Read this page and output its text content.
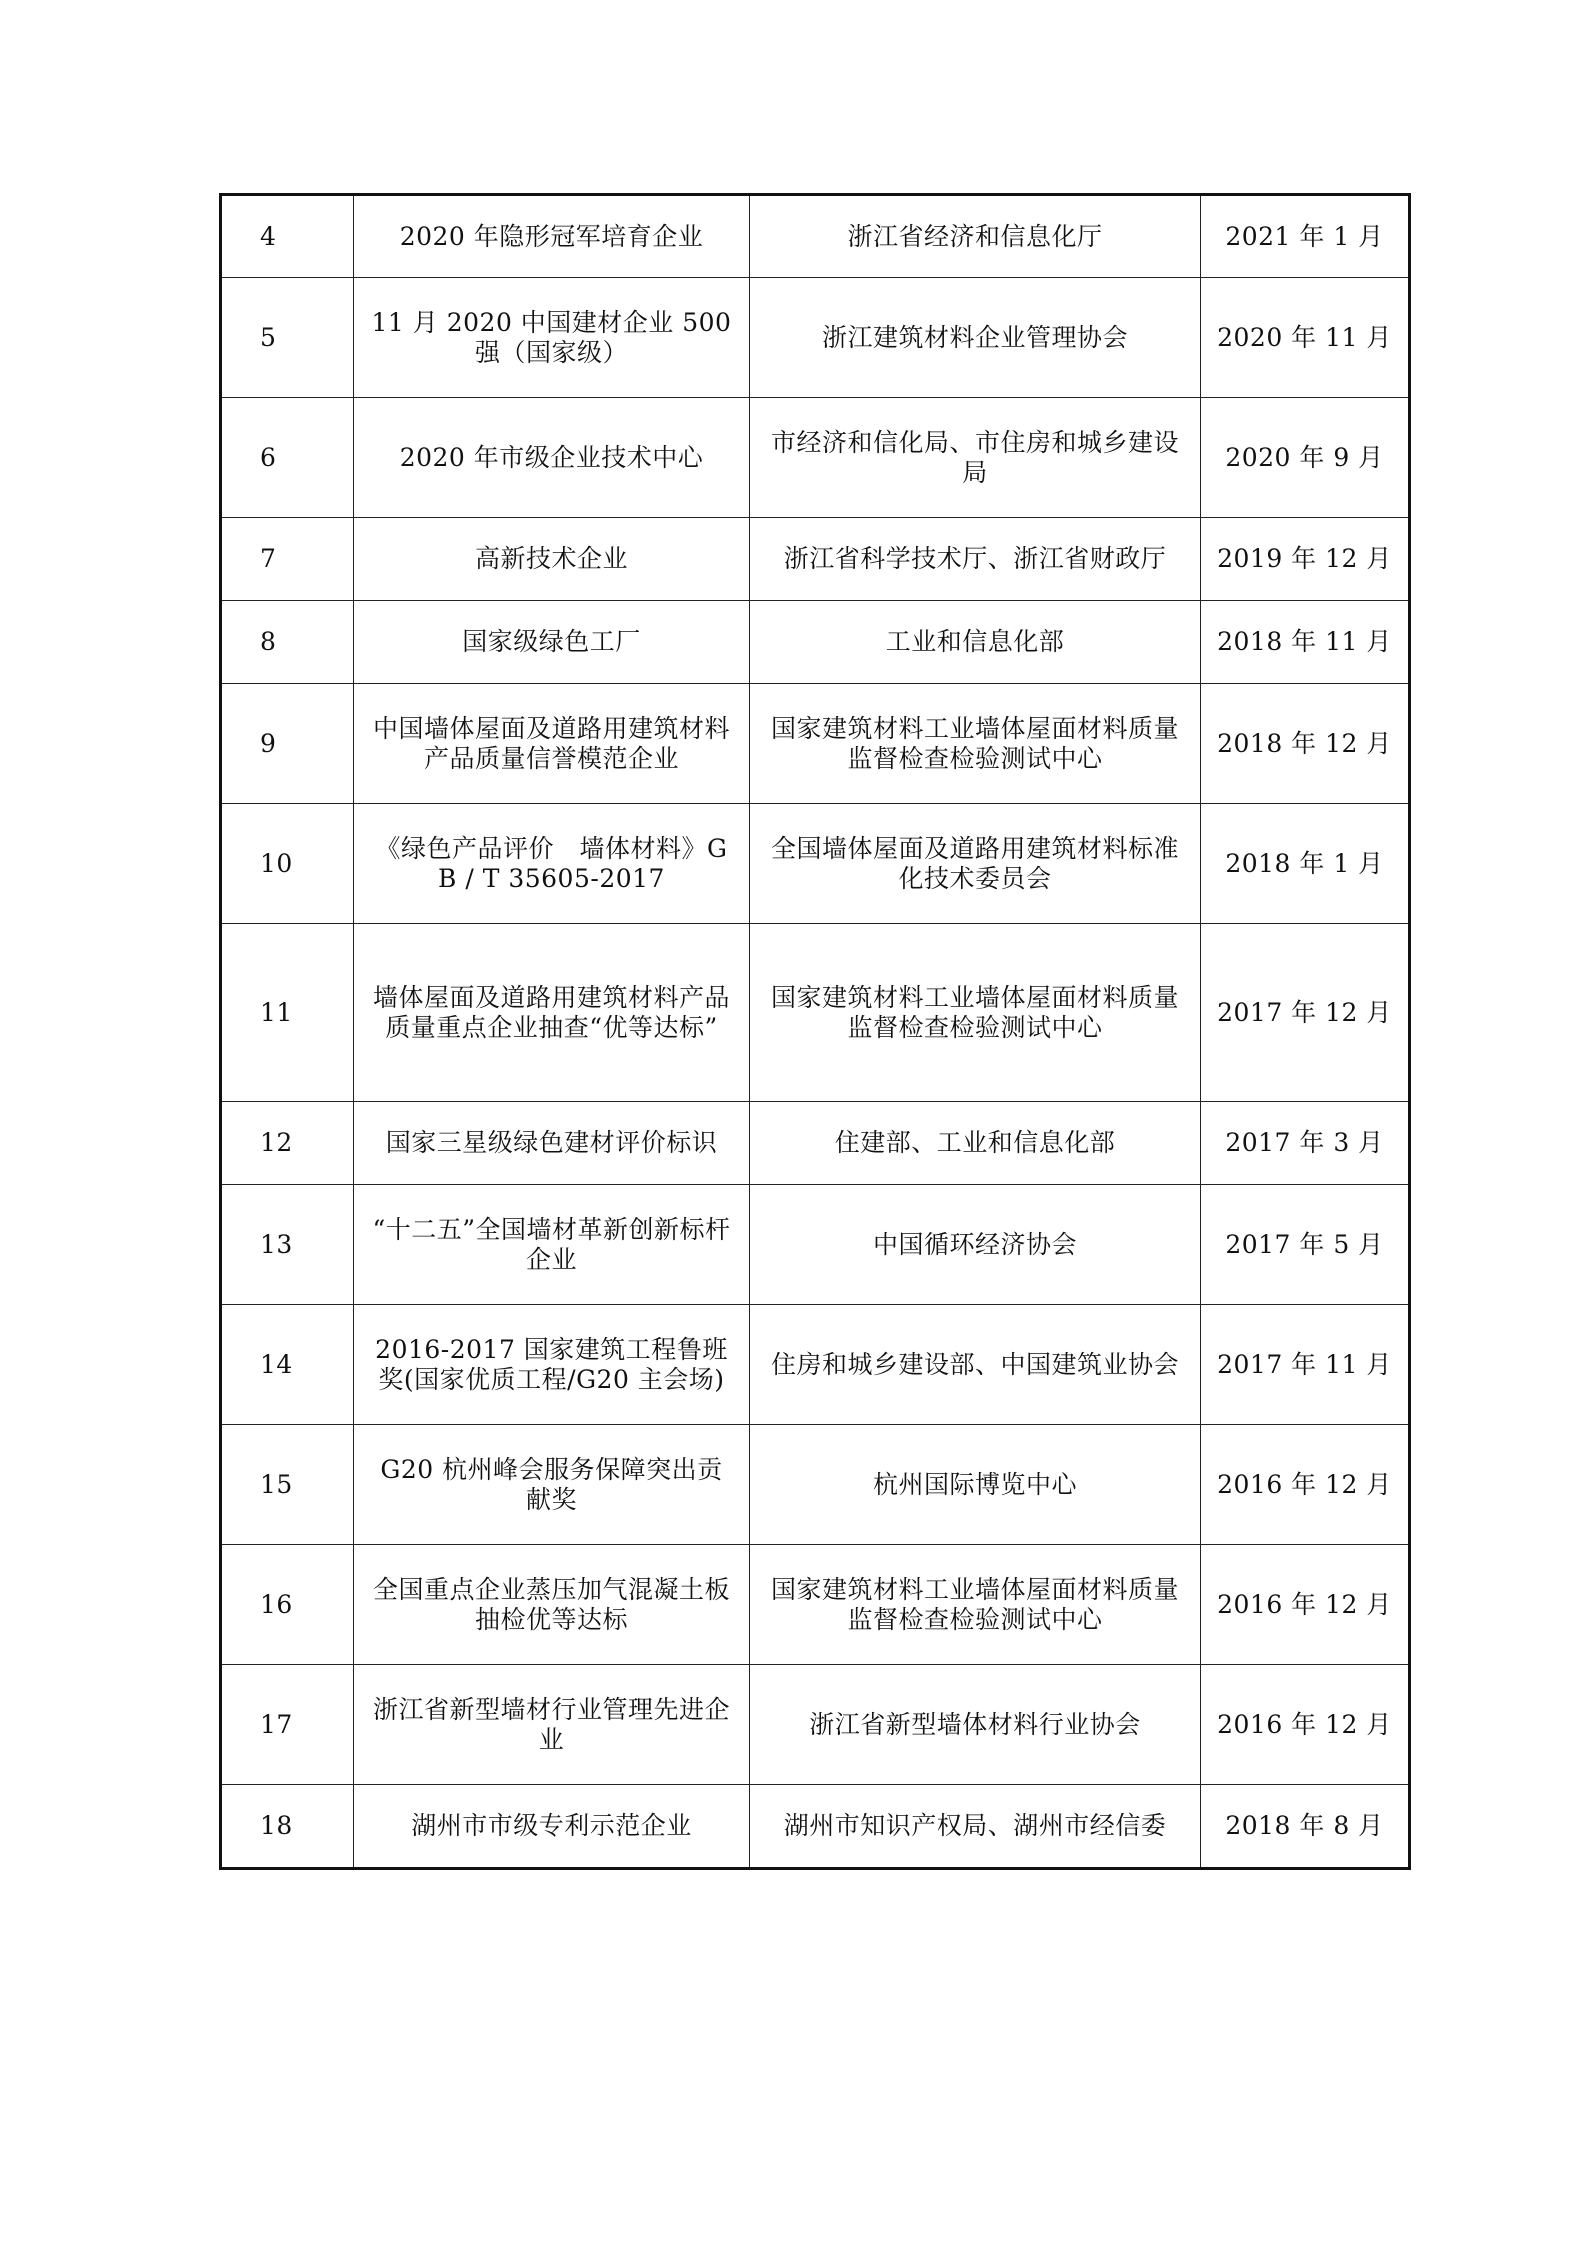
4	2020 年隐形冠军培育企业	浙江省经济和信息化厅	2021 年 1 月
5	11 月 2020 中国建材企业 500 强（国家级）	浙江建筑材料企业管理协会	2020 年 11 月
6	2020 年市级企业技术中心	市经济和信化局、市住房和城乡建设局	2020 年 9 月
7	高新技术企业	浙江省科学技术厅、浙江省财政厅	2019 年 12 月
8	国家级绿色工厂	工业和信息化部	2018 年 11 月
9	中国墙体屋面及道路用建筑材料产品质量信誉模范企业	国家建筑材料工业墙体屋面材料质量监督检查检验测试中心	2018 年 12 月
10	《绿色产品评价　墙体材料》GB / T 35605-2017	全国墙体屋面及道路用建筑材料标准化技术委员会	2018 年 1 月
11	墙体屋面及道路用建筑材料产品质量重点企业抽查“优等达标”	国家建筑材料工业墙体屋面材料质量监督检查检验测试中心	2017 年 12 月
12	国家三星级绿色建材评价标识	住建部、工业和信息化部	2017 年 3 月
13	“十二五”全国墙材革新创新标杆企业	中国循环经济协会	2017 年 5 月
14	2016-2017 国家建筑工程鲁班奖(国家优质工程/G20 主会场)	住房和城乡建设部、中国建筑业协会	2017 年 11 月
15	G20 杭州峰会服务保障突出贡献奖	杭州国际博览中心	2016 年 12 月
16	全国重点企业蒸压加气混凝土板抽检优等达标	国家建筑材料工业墙体屋面材料质量监督检查检验测试中心	2016 年 12 月
17	浙江省新型墙材行业管理先进企业	浙江省新型墙体材料行业协会	2016 年 12 月
18	湖州市市级专利示范企业	湖州市知识产权局、湖州市经信委	2018 年 8 月
